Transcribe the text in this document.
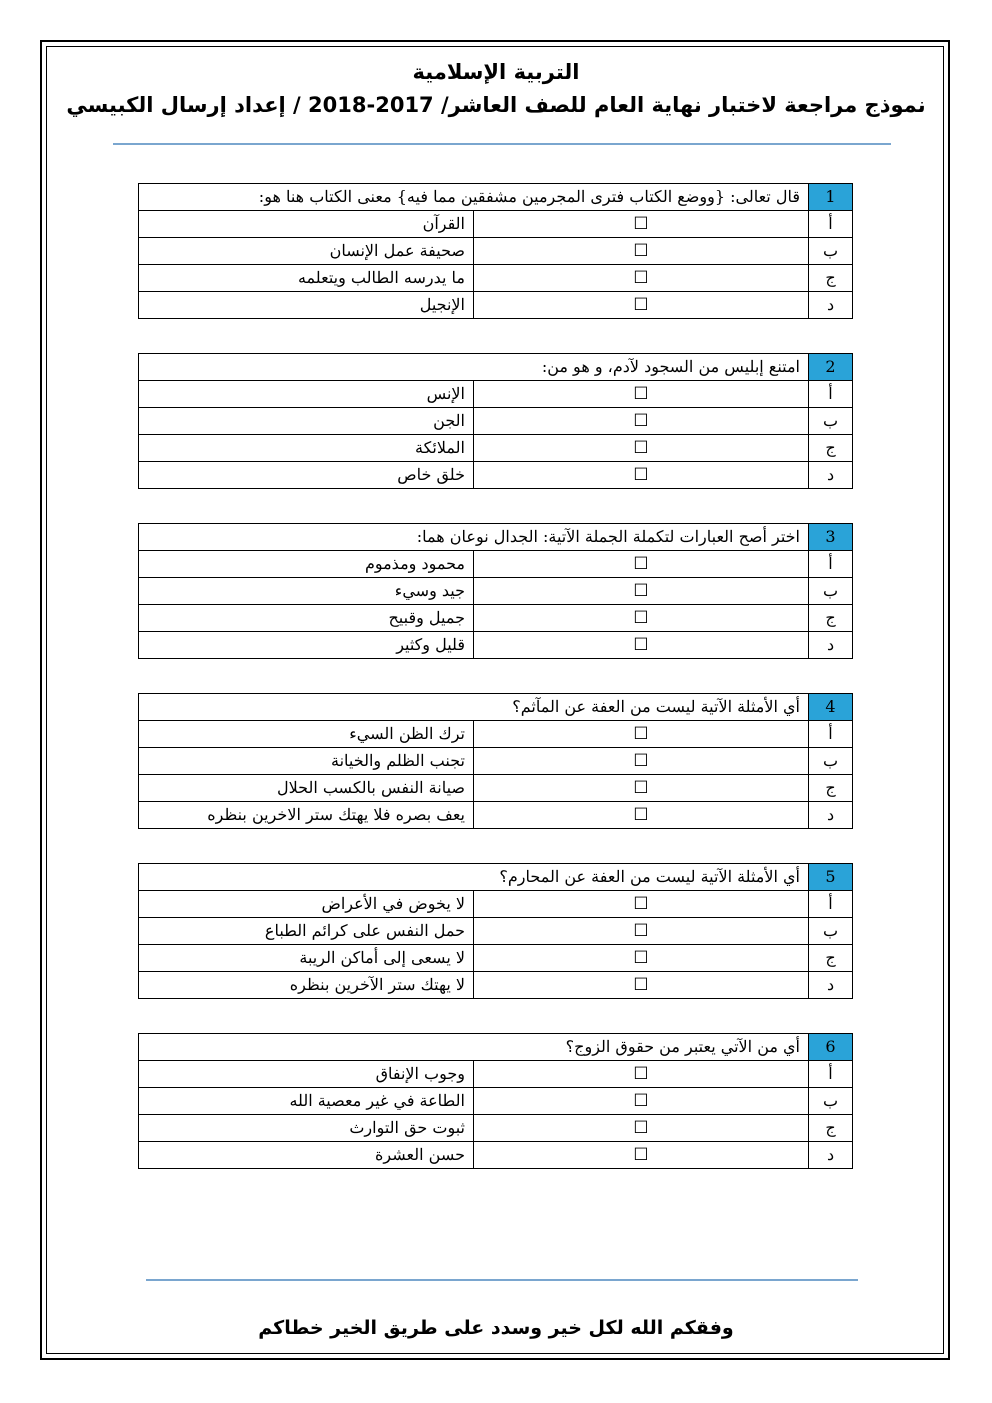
التربية الإسلامية
نموذج مراجعة لاختبار نهاية العام للصف العاشر/ 2017-2018 / إعداد إرسال الكبيسي
1	قال تعالى: {ووضع الكتاب فترى المجرمين مشفقين مما فيه} معنى الكتاب هنا هو:	
أ	☐	القرآن
ب	☐	صحيفة عمل الإنسان
ج	☐	ما يدرسه الطالب ويتعلمه
د	☐	الإنجيل
2	امتنع إبليس من السجود لآدم، و هو من:	
أ	☐	الإنس
ب	☐	الجن
ج	☐	الملائكة
د	☐	خلق خاص
3	اختر أصح العبارات لتكملة الجملة الآتية: الجدال نوعان هما:	
أ	☐	محمود ومذموم
ب	☐	جيد وسيء
ج	☐	جميل وقبيح
د	☐	قليل وكثير
4	أي الأمثلة الآتية ليست من العفة عن المآثم؟	
أ	☐	ترك الظن السيء
ب	☐	تجنب الظلم والخيانة
ج	☐	صيانة النفس بالكسب الحلال
د	☐	يعف بصره فلا يهتك ستر الاخرين بنظره
5	أي الأمثلة الآتية ليست من العفة عن المحارم؟	
أ	☐	لا يخوض في الأعراض
ب	☐	حمل النفس على كرائم الطباع
ج	☐	لا يسعى إلى أماكن الريبة
د	☐	لا يهتك ستر الآخرين بنظره
6	أي من الآتي يعتبر من حقوق الزوج؟	
أ	☐	وجوب الإنفاق
ب	☐	الطاعة في غير معصية الله
ج	☐	ثبوت حق التوارث
د	☐	حسن العشرة
وفقكم الله لكل خير وسدد على طريق الخير خطاكم
